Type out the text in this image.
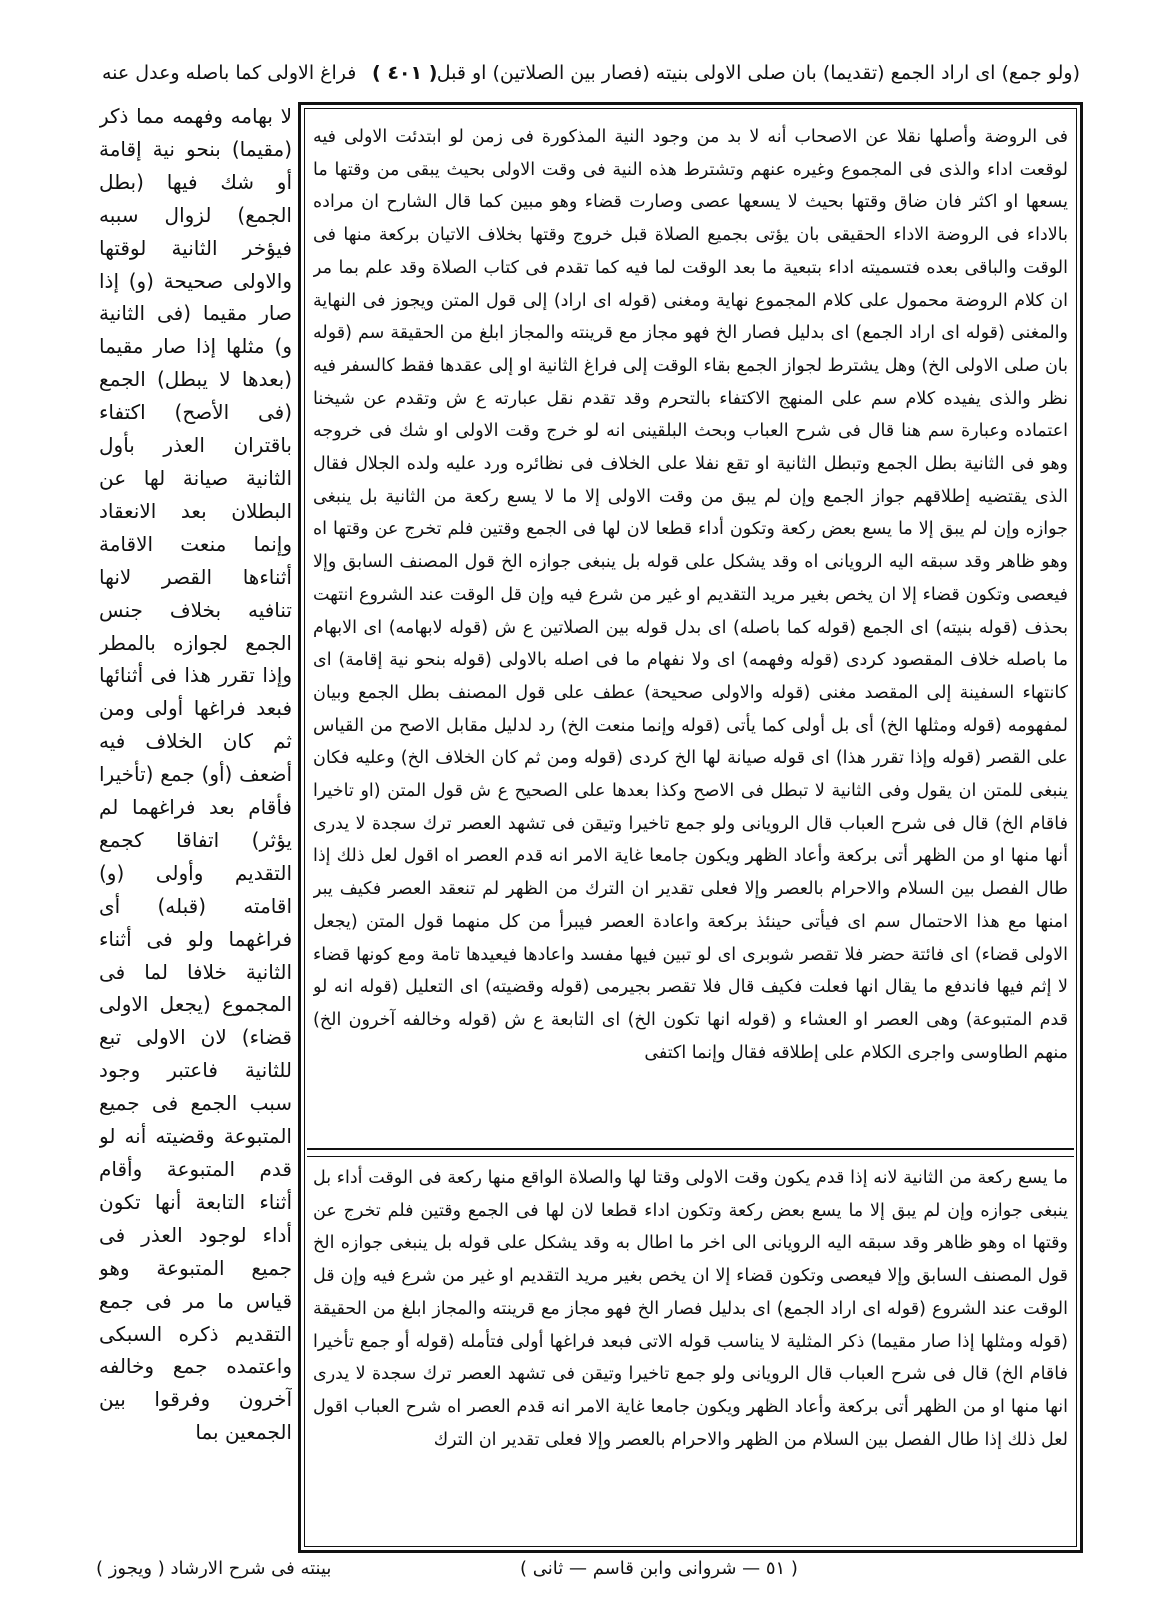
(ولو جمع) اى اراد الجمع (تقديما) بان صلى الاولى بنيته (فصار بين الصلاتين) او قبل
( ٤٠١ )
فراغ الاولى كما باصله وعدل عنه

لا بهامه وفهمه مما ذكر (مقيما) بنحو نية إقامة أو شك فيها (بطل الجمع) لزوال سببه فيؤخر الثانية لوقتها والاولى صحيحة (و) إذا صار مقيما (فى الثانية و) مثلها إذا صار مقيما (بعدها لا يبطل) الجمع (فى الأصح) اكتفاء باقتران العذر بأول الثانية صيانة لها عن البطلان بعد الانعقاد وإنما منعت الاقامة أثناءها القصر لانها تنافيه بخلاف جنس الجمع لجوازه بالمطر وإذا تقرر هذا فى أثنائها فبعد فراغها أولى ومن ثم كان الخلاف فيه أضعف (أو) جمع (تأخيرا فأقام بعد فراغهما لم يؤثر) اتفاقا كجمع التقديم وأولى (و) اقامته (قبله) أى فراغهما ولو فى أثناء الثانية خلافا لما فى المجموع (يجعل الاولى قضاء) لان الاولى تبع للثانية فاعتبر وجود سبب الجمع فى جميع المتبوعة وقضيته أنه لو قدم المتبوعة وأقام أثناء التابعة أنها تكون أداء لوجود العذر فى جميع المتبوعة وهو قياس ما مر فى جمع التقديم ذكره السبكى واعتمده جمع وخالفه آخرون وفرقوا بين الجمعين بما

فى الروضة وأصلها نقلا عن الاصحاب أنه لا بد من وجود النية المذكورة فى زمن لو ابتدئت الاولى فيه لوقعت اداء والذى فى المجموع وغيره عنهم وتشترط هذه النية فى وقت الاولى بحيث يبقى من وقتها ما يسعها او اكثر فان ضاق وقتها بحيث لا يسعها عصى وصارت قضاء وهو مبين كما قال الشارح ان مراده بالاداء فى الروضة الاداء الحقيقى بان يؤتى بجميع الصلاة قبل خروج وقتها بخلاف الاتيان بركعة منها فى الوقت والباقى بعده فتسميته اداء بتبعية ما بعد الوقت لما فيه كما تقدم فى كتاب الصلاة وقد علم بما مر ان كلام الروضة محمول على كلام المجموع نهاية ومغنى (قوله اى اراد) إلى قول المتن ويجوز فى النهاية والمغنى (قوله اى اراد الجمع) اى بدليل فصار الخ فهو مجاز مع قرينته والمجاز ابلغ من الحقيقة سم (قوله بان صلى الاولى الخ) وهل يشترط لجواز الجمع بقاء الوقت إلى فراغ الثانية او إلى عقدها فقط كالسفر فيه نظر والذى يفيده كلام سم على المنهج الاكتفاء بالتحرم وقد تقدم نقل عبارته ع ش وتقدم عن شيخنا اعتماده وعبارة سم هنا قال فى شرح العباب وبحث البلقينى انه لو خرج وقت الاولى او شك فى خروجه وهو فى الثانية بطل الجمع وتبطل الثانية او تقع نفلا على الخلاف فى نظائره ورد عليه ولده الجلال فقال الذى يقتضيه إطلاقهم جواز الجمع وإن لم يبق من وقت الاولى إلا ما لا يسع ركعة من الثانية بل ينبغى جوازه وإن لم يبق إلا ما يسع بعض ركعة وتكون أداء قطعا لان لها فى الجمع وقتين فلم تخرج عن وقتها اه وهو ظاهر وقد سبقه اليه الرويانى اه وقد يشكل على قوله بل ينبغى جوازه الخ قول المصنف السابق وإلا فيعصى وتكون قضاء إلا ان يخص بغير مريد التقديم او غير من شرع فيه وإن قل الوقت عند الشروع انتهت بحذف (قوله بنيته) اى الجمع (قوله كما باصله) اى بدل قوله بين الصلاتين ع ش (قوله لابهامه) اى الابهام ما باصله خلاف المقصود كردى (قوله وفهمه) اى ولا نفهام ما فى اصله بالاولى (قوله بنحو نية إقامة) اى كانتهاء السفينة إلى المقصد مغنى (قوله والاولى صحيحة) عطف على قول المصنف بطل الجمع وبيان لمفهومه (قوله ومثلها الخ) أى بل أولى كما يأتى (قوله وإنما منعت الخ) رد لدليل مقابل الاصح من القياس على القصر (قوله وإذا تقرر هذا) اى قوله صيانة لها الخ كردى (قوله ومن ثم كان الخلاف الخ) وعليه فكان ينبغى للمتن ان يقول وفى الثانية لا تبطل فى الاصح وكذا بعدها على الصحيح ع ش قول المتن (او تاخيرا فاقام الخ) قال فى شرح العباب قال الرويانى ولو جمع تاخيرا وتيقن فى تشهد العصر ترك سجدة لا يدرى أنها منها او من الظهر أتى بركعة وأعاد الظهر ويكون جامعا غاية الامر انه قدم العصر اه اقول لعل ذلك إذا طال الفصل بين السلام والاحرام بالعصر وإلا فعلى تقدير ان الترك من الظهر لم تنعقد العصر فكيف يبر امنها مع هذا الاحتمال سم اى فيأتى حينئذ بركعة واعادة العصر فيبرأ من كل منهما قول المتن (يجعل الاولى قضاء) اى فائتة حضر فلا تقصر شوبرى اى لو تبين فيها مفسد واعادها فيعيدها تامة ومع كونها قضاء لا إثم فيها فاندفع ما يقال انها فعلت فكيف قال فلا تقصر بجيرمى (قوله وقضيته) اى التعليل (قوله انه لو قدم المتبوعة) وهى العصر او العشاء و (قوله انها تكون الخ) اى التابعة ع ش (قوله وخالفه آخرون الخ) منهم الطاوسى واجرى الكلام على إطلاقه فقال وإنما اكتفى

ما يسع ركعة من الثانية لانه إذا قدم يكون وقت الاولى وقتا لها والصلاة الواقع منها ركعة فى الوقت أداء بل ينبغى جوازه وإن لم يبق إلا ما يسع بعض ركعة وتكون اداء قطعا لان لها فى الجمع وقتين فلم تخرج عن وقتها اه وهو ظاهر وقد سبقه اليه الرويانى الى اخر ما اطال به وقد يشكل على قوله بل ينبغى جوازه الخ قول المصنف السابق وإلا فيعصى وتكون قضاء إلا ان يخص بغير مريد التقديم او غير من شرع فيه وإن قل الوقت عند الشروع (قوله اى اراد الجمع) اى بدليل فصار الخ فهو مجاز مع قرينته والمجاز ابلغ من الحقيقة (قوله ومثلها إذا صار مقيما) ذكر المثلية لا يناسب قوله الاتى فبعد فراغها أولى فتأمله (قوله أو جمع تأخيرا فاقام الخ) قال فى شرح العباب قال الرويانى ولو جمع تاخيرا وتيقن فى تشهد العصر ترك سجدة لا يدرى انها منها او من الظهر أتى بركعة وأعاد الظهر ويكون جامعا غاية الامر انه قدم العصر اه شرح العباب اقول لعل ذلك إذا طال الفصل بين السلام من الظهر والاحرام بالعصر وإلا فعلى تقدير ان الترك

( ٥١ — شروانى وابن قاسم — ثانى )
بينته فى شرح الارشاد ( ويجوز )
